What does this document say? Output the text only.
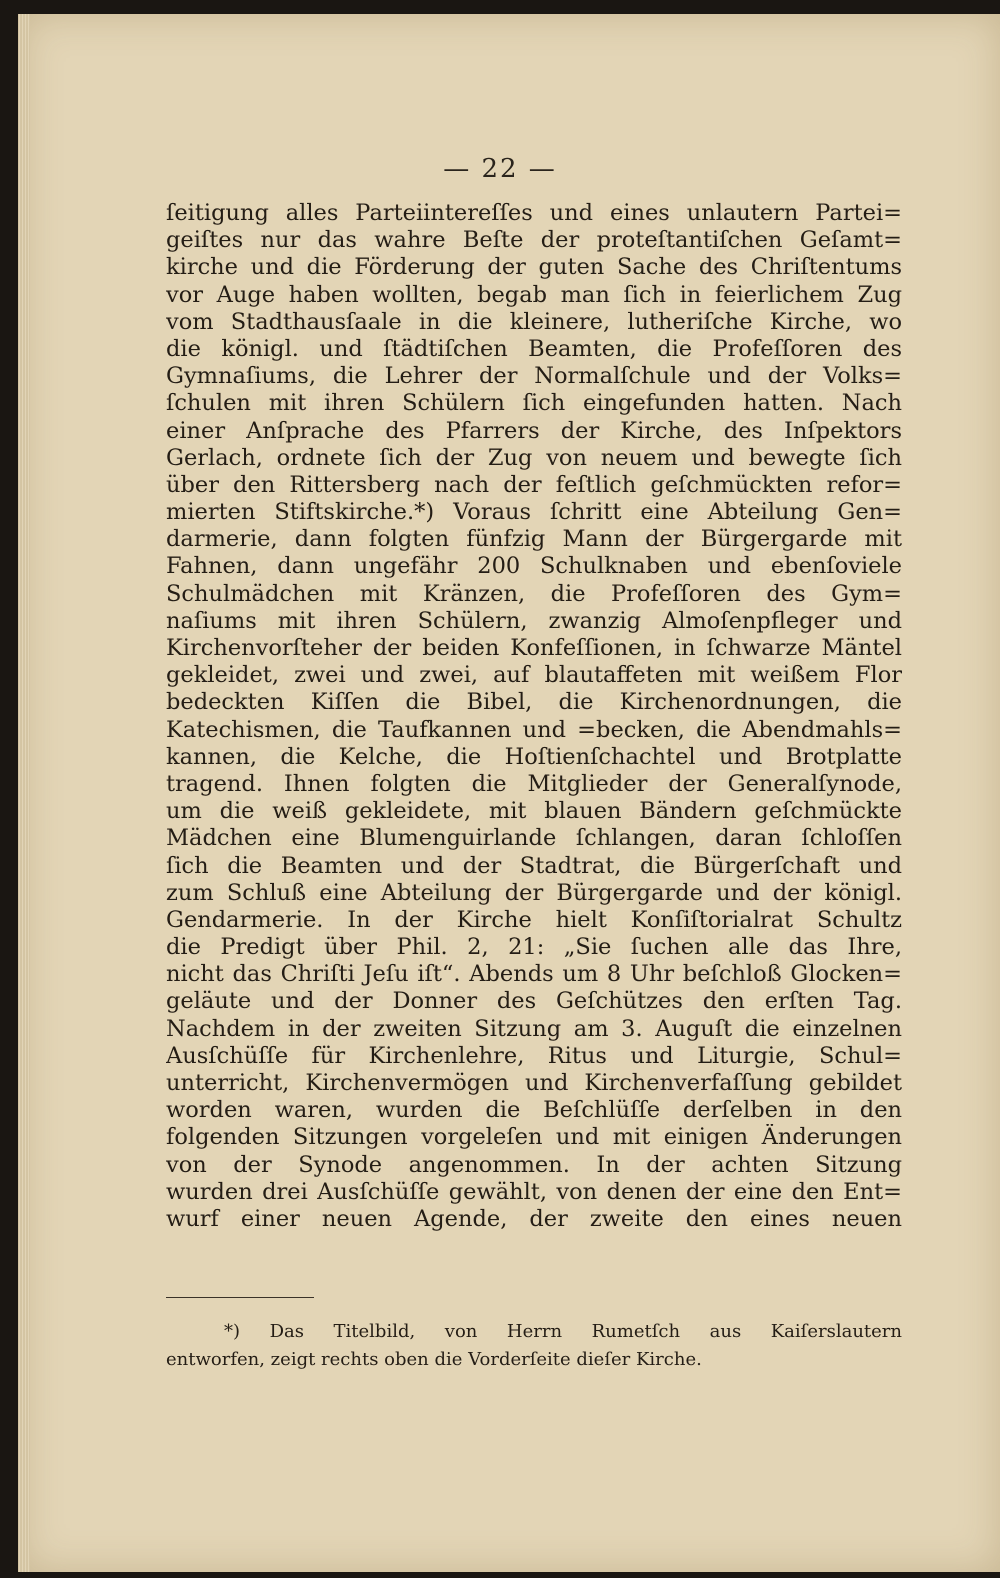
— 22 —
ſeitigung alles Parteiintereſſes und eines unlautern Partei=
geiſtes nur das wahre Beſte der proteſtantiſchen Geſamt=
kirche und die Förderung der guten Sache des Chriſtentums
vor Auge haben wollten, begab man ſich in feierlichem Zug
vom Stadthausſaale in die kleinere, lutheriſche Kirche, wo
die königl. und ſtädtiſchen Beamten, die Profeſſoren des
Gymnaſiums, die Lehrer der Normalſchule und der Volks=
ſchulen mit ihren Schülern ſich eingefunden hatten. Nach
einer Anſprache des Pfarrers der Kirche, des Inſpektors
Gerlach, ordnete ſich der Zug von neuem und bewegte ſich
über den Rittersberg nach der feſtlich geſchmückten refor=
mierten Stiftskirche.*) Voraus ſchritt eine Abteilung Gen=
darmerie, dann folgten fünfzig Mann der Bürgergarde mit
Fahnen, dann ungefähr 200 Schulknaben und ebenſoviele
Schulmädchen mit Kränzen, die Profeſſoren des Gym=
naſiums mit ihren Schülern, zwanzig Almoſenpfleger und
Kirchenvorſteher der beiden Konfeſſionen, in ſchwarze Mäntel
gekleidet, zwei und zwei, auf blautaffeten mit weißem Flor
bedeckten Kiſſen die Bibel, die Kirchenordnungen, die
Katechismen, die Taufkannen und =becken, die Abendmahls=
kannen, die Kelche, die Hoſtienſchachtel und Brotplatte
tragend. Ihnen folgten die Mitglieder der Generalſynode,
um die weiß gekleidete, mit blauen Bändern geſchmückte
Mädchen eine Blumenguirlande ſchlangen, daran ſchloſſen
ſich die Beamten und der Stadtrat, die Bürgerſchaft und
zum Schluß eine Abteilung der Bürgergarde und der königl.
Gendarmerie. In der Kirche hielt Konſiſtorialrat Schultz
die Predigt über Phil. 2, 21: „Sie ſuchen alle das Ihre,
nicht das Chriſti Jeſu iſt“. Abends um 8 Uhr beſchloß Glocken=
geläute und der Donner des Geſchützes den erſten Tag.
Nachdem in der zweiten Sitzung am 3. Auguſt die einzelnen
Ausſchüſſe für Kirchenlehre, Ritus und Liturgie, Schul=
unterricht, Kirchenvermögen und Kirchenverfaſſung gebildet
worden waren, wurden die Beſchlüſſe derſelben in den
folgenden Sitzungen vorgeleſen und mit einigen Änderungen
von der Synode angenommen. In der achten Sitzung
wurden drei Ausſchüſſe gewählt, von denen der eine den Ent=
wurf einer neuen Agende, der zweite den eines neuen
*) Das Titelbild, von Herrn Rumetſch aus Kaiſerslautern
entworfen, zeigt rechts oben die Vorderſeite dieſer Kirche.
